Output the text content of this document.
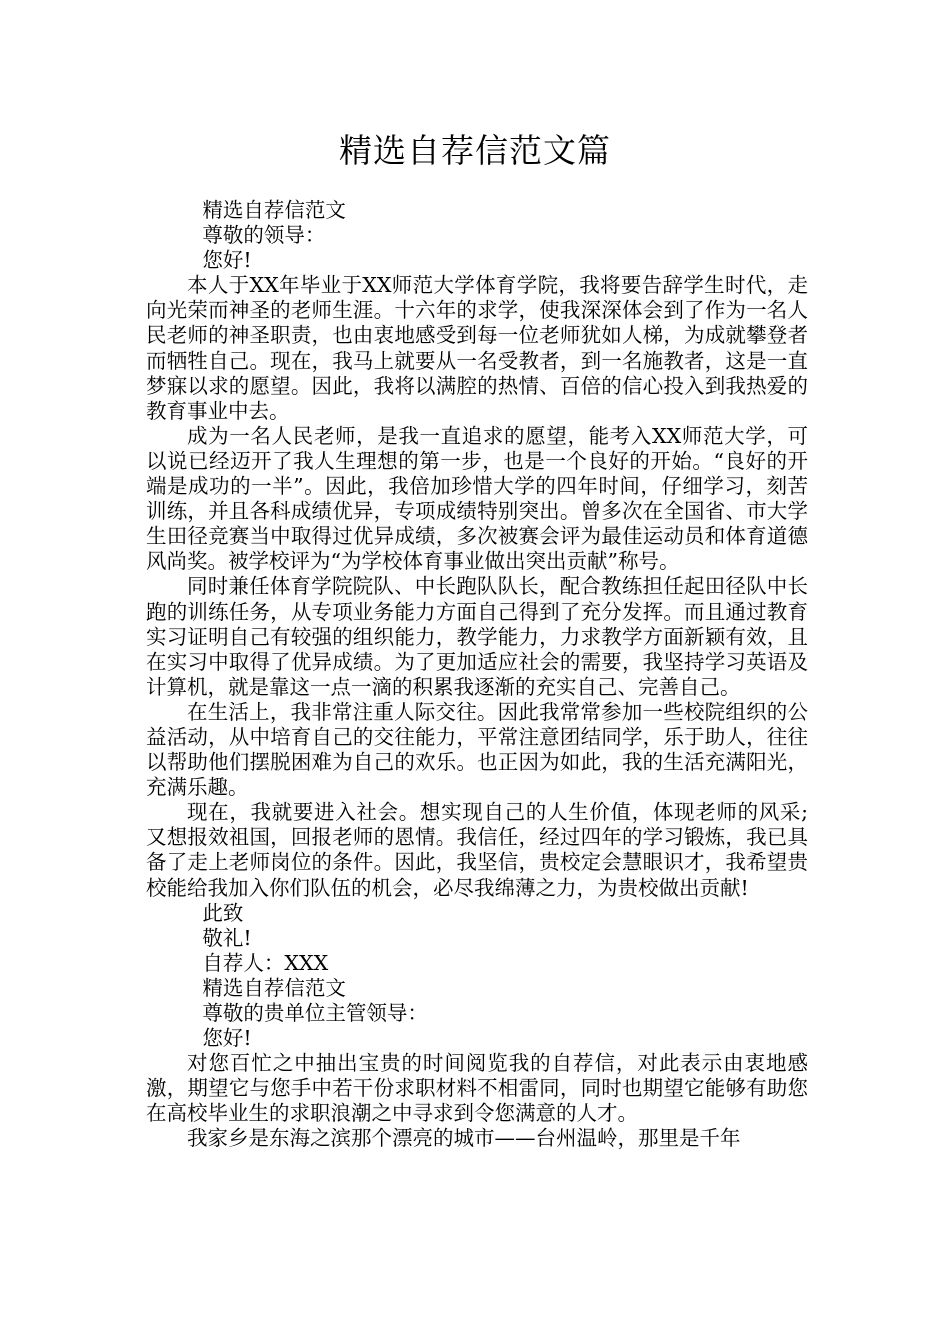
精选自荐信范文篇

精选自荐信范文

尊敬的领导：

您好!

本人于XX年毕业于XX师范大学体育学院，我将要告辞学生时代，走向光荣而神圣的老师生涯。十六年的求学，使我深深体会到了作为一名人民老师的神圣职责，也由衷地感受到每一位老师犹如人梯，为成就攀登者而牺牲自己。现在，我马上就要从一名受教者，到一名施教者，这是一直梦寐以求的愿望。因此，我将以满腔的热情、百倍的信心投入到我热爱的教育事业中去。

成为一名人民老师，是我一直追求的愿望，能考入XX师范大学，可以说已经迈开了我人生理想的第一步，也是一个良好的开始。“良好的开端是成功的一半”。因此，我倍加珍惜大学的四年时间，仔细学习，刻苦训练，并且各科成绩优异，专项成绩特别突出。曾多次在全国省、市大学生田径竞赛当中取得过优异成绩，多次被赛会评为最佳运动员和体育道德风尚奖。被学校评为“为学校体育事业做出突出贡献”称号。

同时兼任体育学院院队、中长跑队队长，配合教练担任起田径队中长跑的训练任务，从专项业务能力方面自己得到了充分发挥。而且通过教育实习证明自己有较强的组织能力，教学能力，力求教学方面新颖有效，且在实习中取得了优异成绩。为了更加适应社会的需要，我坚持学习英语及计算机，就是靠这一点一滴的积累我逐渐的充实自己、完善自己。

在生活上，我非常注重人际交往。因此我常常参加一些校院组织的公益活动，从中培育自己的交往能力，平常注意团结同学，乐于助人，往往以帮助他们摆脱困难为自己的欢乐。也正因为如此，我的生活充满阳光，充满乐趣。

现在，我就要进入社会。想实现自己的人生价值，体现老师的风采;又想报效祖国，回报老师的恩情。我信任，经过四年的学习锻炼，我已具备了走上老师岗位的条件。因此，我坚信，贵校定会慧眼识才，我希望贵校能给我加入你们队伍的机会，必尽我绵薄之力，为贵校做出贡献!

此致

敬礼!

自荐人：XXX

精选自荐信范文

尊敬的贵单位主管领导：

您好!

对您百忙之中抽出宝贵的时间阅览我的自荐信，对此表示由衷地感激，期望它与您手中若干份求职材料不相雷同，同时也期望它能够有助您在高校毕业生的求职浪潮之中寻求到令您满意的人才。

我家乡是东海之滨那个漂亮的城市——台州温岭，那里是千年
